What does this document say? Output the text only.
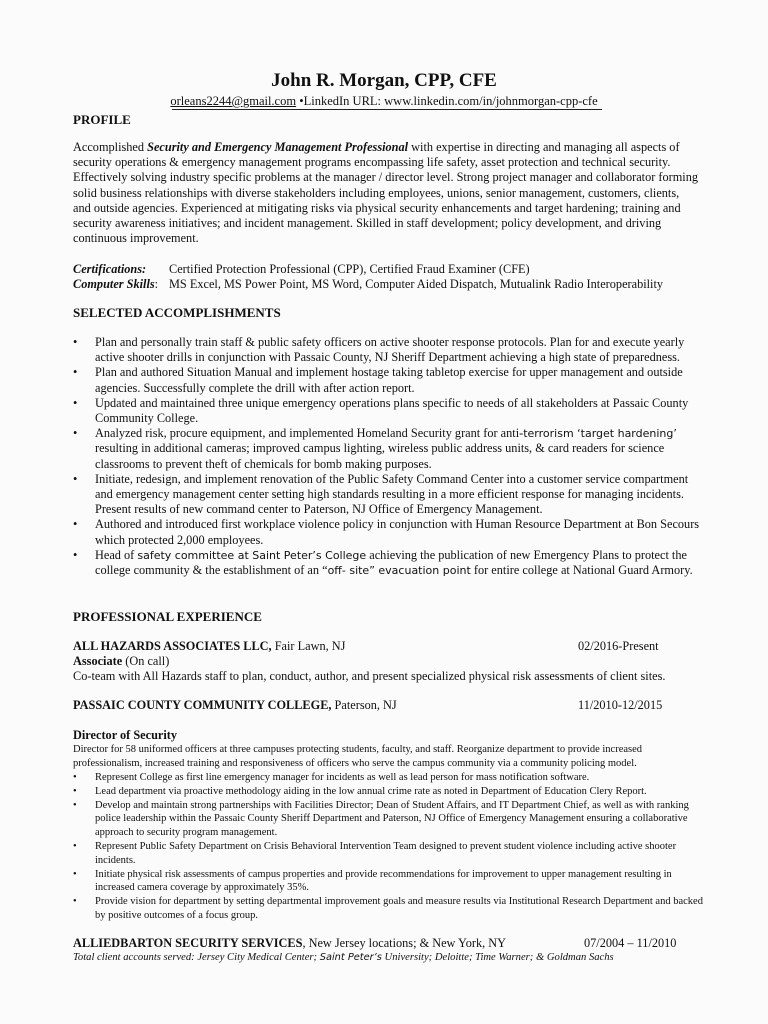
John R. Morgan, CPP, CFE
orleans2244@gmail.com •LinkedIn URL: www.linkedin.com/in/johnmorgan-cpp-cfe
PROFILE
Accomplished Security and Emergency Management Professional with expertise in directing and managing all aspects of security operations & emergency management programs encompassing life safety, asset protection and technical security. Effectively solving industry specific problems at the manager / director level. Strong project manager and collaborator forming solid business relationships with diverse stakeholders including employees, unions, senior management, customers, clients, and outside agencies. Experienced at mitigating risks via physical security enhancements and target hardening; training and security awareness initiatives; and incident management. Skilled in staff development; policy development, and driving continuous improvement.
Certifications: Certified Protection Professional (CPP), Certified Fraud Examiner (CFE)
Computer Skills: MS Excel, MS Power Point, MS Word, Computer Aided Dispatch, Mutualink Radio Interoperability
SELECTED ACCOMPLISHMENTS
• Plan and personally train staff & public safety officers on active shooter response protocols. Plan for and execute yearly active shooter drills in conjunction with Passaic County, NJ Sheriff Department achieving a high state of preparedness.
• Plan and authored Situation Manual and implement hostage taking tabletop exercise for upper management and outside agencies. Successfully complete the drill with after action report.
• Updated and maintained three unique emergency operations plans specific to needs of all stakeholders at Passaic County Community College.
• Analyzed risk, procure equipment, and implemented Homeland Security grant for anti-terrorism ‘target hardening’ resulting in additional cameras; improved campus lighting, wireless public address units, & card readers for science classrooms to prevent theft of chemicals for bomb making purposes.
• Initiate, redesign, and implement renovation of the Public Safety Command Center into a customer service compartment and emergency management center setting high standards resulting in a more efficient response for managing incidents. Present results of new command center to Paterson, NJ Office of Emergency Management.
• Authored and introduced first workplace violence policy in conjunction with Human Resource Department at Bon Secours which protected 2,000 employees.
• Head of safety committee at Saint Peter’s College achieving the publication of new Emergency Plans to protect the college community & the establishment of an “off- site” evacuation point for entire college at National Guard Armory.
PROFESSIONAL EXPERIENCE
ALL HAZARDS ASSOCIATES LLC, Fair Lawn, NJ	02/2016-Present
Associate (On call)
Co-team with All Hazards staff to plan, conduct, author, and present specialized physical risk assessments of client sites.
PASSAIC COUNTY COMMUNITY COLLEGE, Paterson, NJ	11/2010-12/2015
Director of Security
Director for 58 uniformed officers at three campuses protecting students, faculty, and staff. Reorganize department to provide increased professionalism, increased training and responsiveness of officers who serve the campus community via a community policing model.
• Represent College as first line emergency manager for incidents as well as lead person for mass notification software.
• Lead department via proactive methodology aiding in the low annual crime rate as noted in Department of Education Clery Report.
• Develop and maintain strong partnerships with Facilities Director; Dean of Student Affairs, and IT Department Chief, as well as with ranking police leadership within the Passaic County Sheriff Department and Paterson, NJ Office of Emergency Management ensuring a collaborative approach to security program management.
• Represent Public Safety Department on Crisis Behavioral Intervention Team designed to prevent student violence including active shooter incidents.
• Initiate physical risk assessments of campus properties and provide recommendations for improvement to upper management resulting in increased camera coverage by approximately 35%.
• Provide vision for department by setting departmental improvement goals and measure results via Institutional Research Department and backed by positive outcomes of a focus group.
ALLIEDBARTON SECURITY SERVICES, New Jersey locations; & New York, NY	07/2004 – 11/2010
Total client accounts served: Jersey City Medical Center; Saint Peter’s University; Deloitte; Time Warner; & Goldman Sachs
